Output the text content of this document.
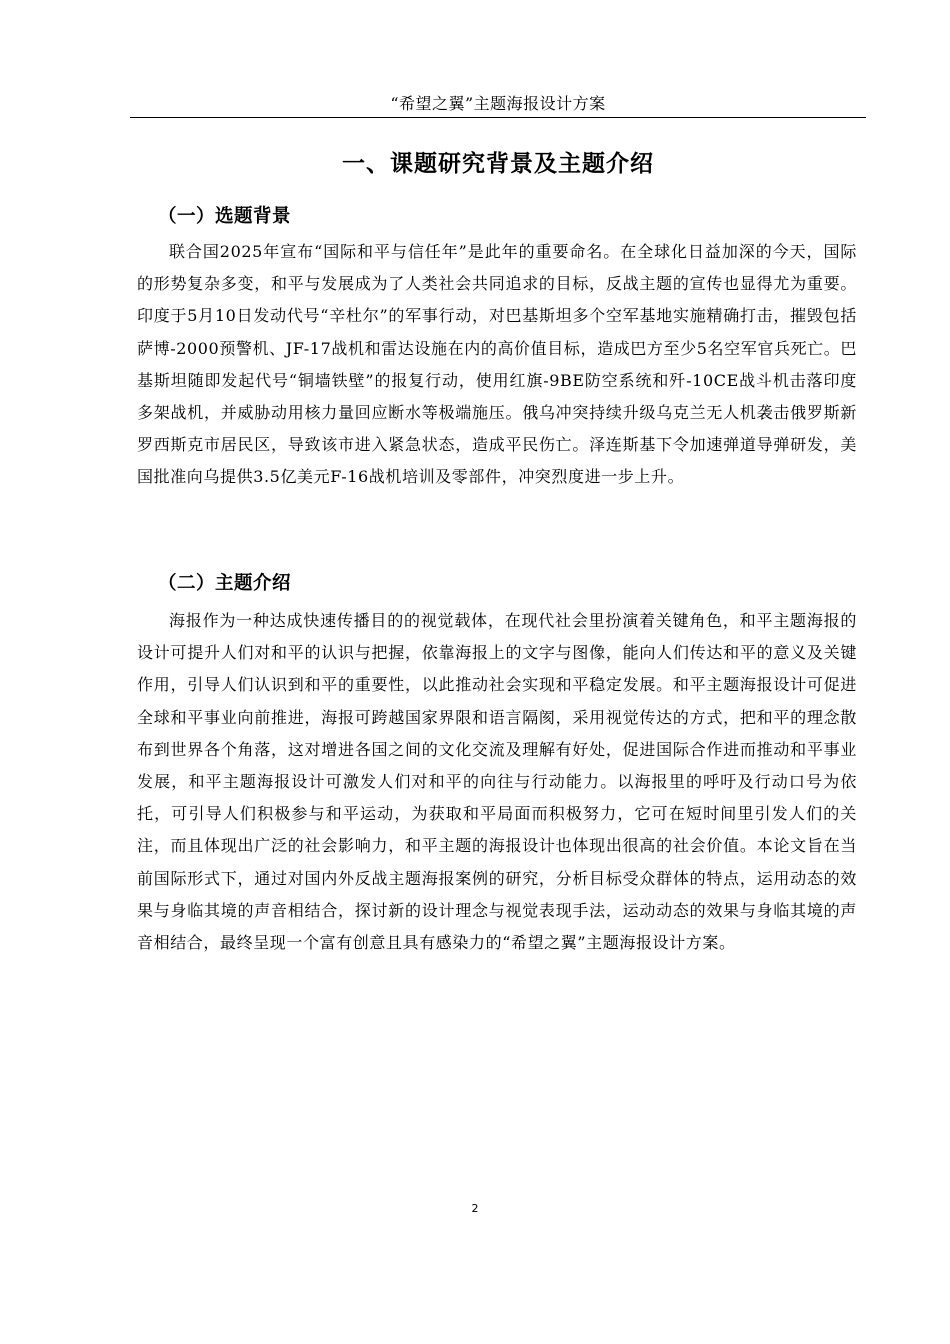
“希望之翼”主题海报设计方案
一、课题研究背景及主题介绍
（一）选题背景

联合国2025年宣布“国际和平与信任年”是此年的重要命名。在全球化日益加深的今天，国际的形势复杂多变，和平与发展成为了人类社会共同追求的目标，反战主题的宣传也显得尤为重要。印度于5月10日发动代号“辛杜尔”的军事行动，对巴基斯坦多个空军基地实施精确打击，摧毁包括萨博-2000预警机、JF-17战机和雷达设施在内的高价值目标，造成巴方至少5名空军官兵死亡。巴基斯坦随即发起代号“铜墙铁壁”的报复行动，使用红旗-9BE防空系统和歼-10CE战斗机击落印度多架战机，并威胁动用核力量回应断水等极端施压。俄乌冲突持续升级乌克兰无人机袭击俄罗斯新罗西斯克市居民区，导致该市进入紧急状态，造成平民伤亡。泽连斯基下令加速弹道导弹研发，美国批准向乌提供3.5亿美元F-16战机培训及零部件，冲突烈度进一步上升。

（二）主题介绍

海报作为一种达成快速传播目的的视觉载体，在现代社会里扮演着关键角色，和平主题海报的设计可提升人们对和平的认识与把握，依靠海报上的文字与图像，能向人们传达和平的意义及关键作用，引导人们认识到和平的重要性，以此推动社会实现和平稳定发展。和平主题海报设计可促进全球和平事业向前推进，海报可跨越国家界限和语言隔阂，采用视觉传达的方式，把和平的理念散布到世界各个角落，这对增进各国之间的文化交流及理解有好处，促进国际合作进而推动和平事业发展，和平主题海报设计可激发人们对和平的向往与行动能力。以海报里的呼吁及行动口号为依托，可引导人们积极参与和平运动，为获取和平局面而积极努力，它可在短时间里引发人们的关注，而且体现出广泛的社会影响力，和平主题的海报设计也体现出很高的社会价值。本论文旨在当前国际形式下，通过对国内外反战主题海报案例的研究，分析目标受众群体的特点，运用动态的效果与身临其境的声音相结合，探讨新的设计理念与视觉表现手法，运动动态的效果与身临其境的声音相结合，最终呈现一个富有创意且具有感染力的“希望之翼”主题海报设计方案。

2
